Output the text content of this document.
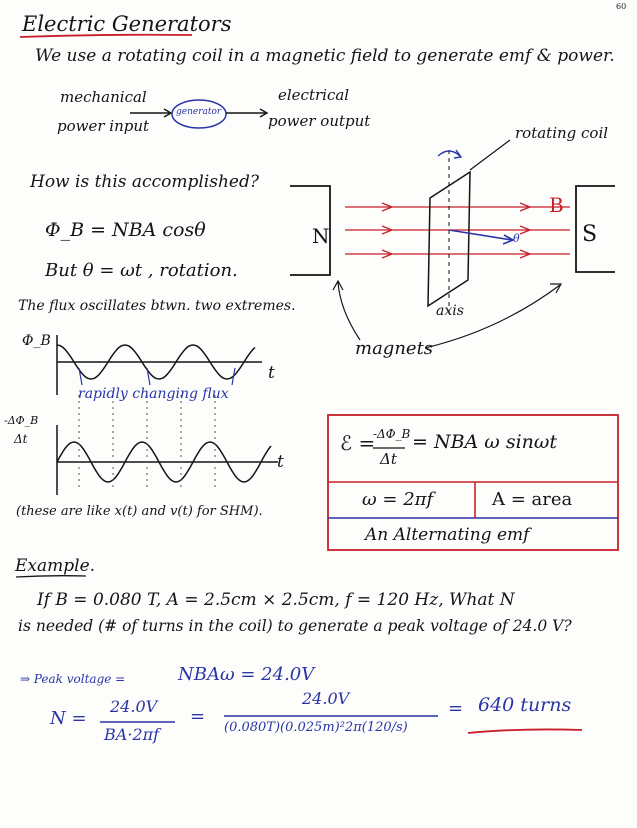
60
Electric Generators
We use a rotating coil in a magnetic field to generate emf & power.
mechanical
power input
generator
electrical
power output
How is this accomplished?
Φ_B = NBA cosθ
But θ = ωt , rotation.
The flux oscillates btwn. two extremes.
rotating coil
N	S
B
θ
axis
magnets
Φ_B
t
rapidly changing flux
-ΔΦ_B
Δt
t
(these are like x(t) and v(t) for SHM).
ℰ =
-ΔΦ_B
Δt
= NBA ω sinωt
ω = 2πf	A = area
An Alternating emf
Example.
If B = 0.080 T, A = 2.5cm × 2.5cm, f = 120 Hz, What N
is needed (# of turns in the coil) to generate a peak voltage of 24.0 V?
⇒ Peak voltage =	NBAω = 24.0V
N =
24.0V
BA·2πf
=
24.0V
(0.080T)(0.025m)²2π(120/s)
= 640 turns
